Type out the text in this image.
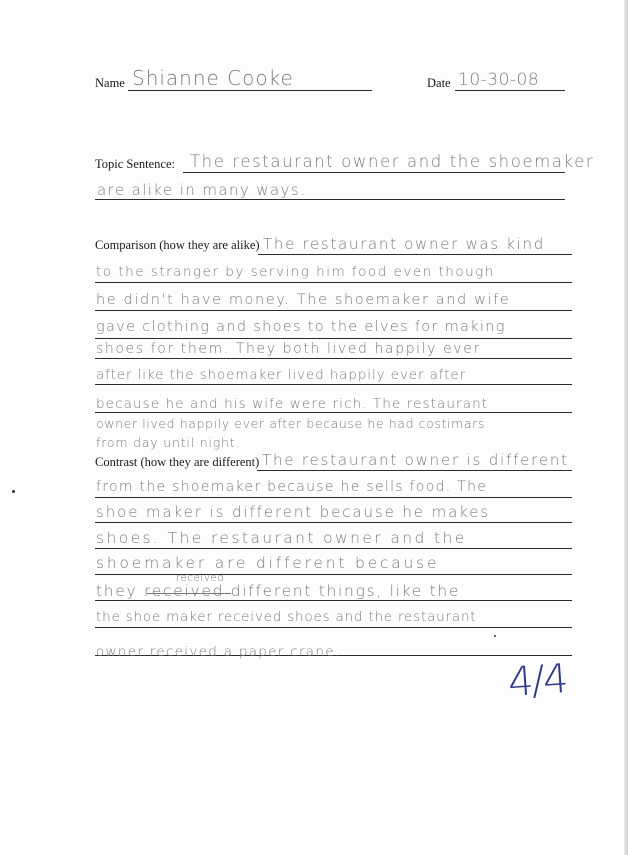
Name Shianne Cooke	Date 10-30-08
Topic Sentence: The restaurant owner and the shoemaker
are alike in many ways.
Comparison (how they are alike) The restaurant owner was kind
to the stranger by serving him food even though
he didn't have money. The shoemaker and wife
gave clothing and shoes to the elves for making
shoes for them. They both lived happily ever
after like the shoemaker lived happily ever after
because he and his wife were rich. The restaurant
owner lived happily ever after because he had costimars
from day until night.
Contrast (how they are different) The restaurant owner is different
from the shoemaker because he sells food. The
shoe maker is different because he makes
shoes. The restaurant owner and the
shoemaker are different because
received
they received different things, like the
the shoe maker received shoes and the restaurant
owner received a paper crane.
4/4
